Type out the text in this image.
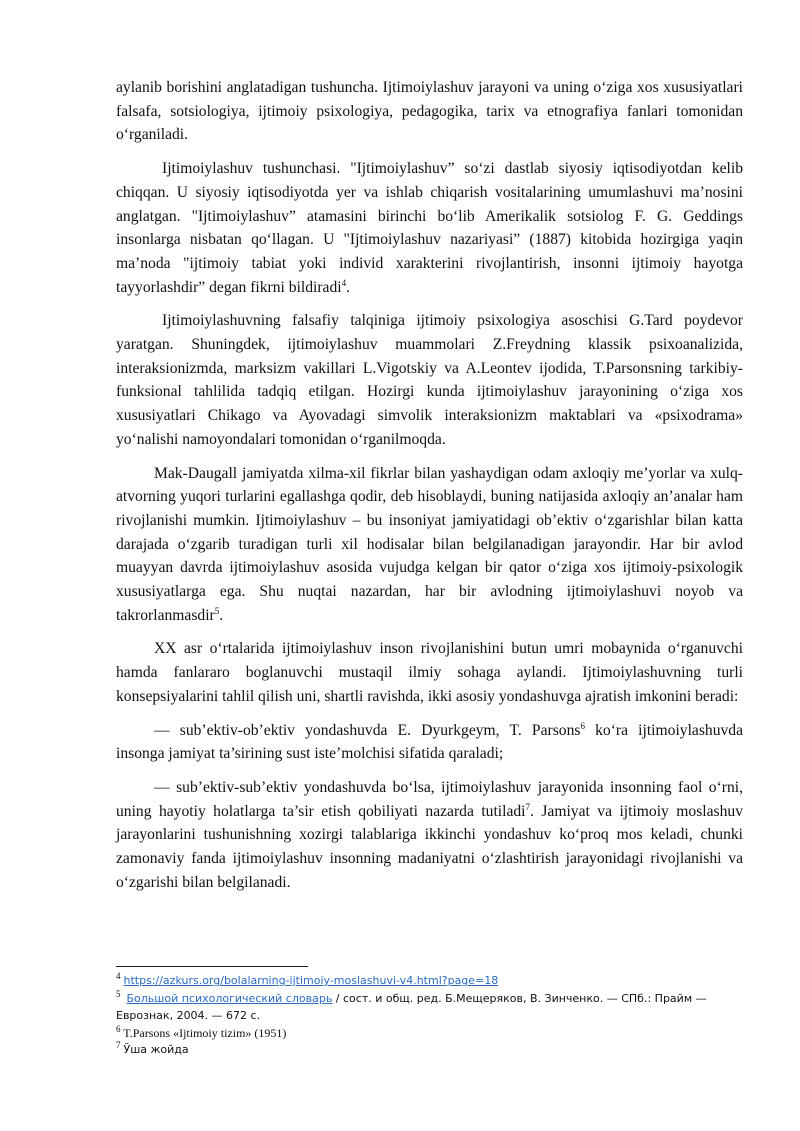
aylanib borishini anglatadigan tushuncha. Ijtimoiylashuv jarayoni va uning o‘ziga xos xususiyatlari falsafa, sotsiologiya, ijtimoiy psixologiya, pedagogika, tarix va etnografiya fanlari tomonidan o‘rganiladi.

Ijtimoiylashuv tushunchasi. "Ijtimoiylashuv” so‘zi dastlab siyosiy iqtisodiyotdan kelib chiqqan. U siyosiy iqtisodiyotda yer va ishlab chiqarish vositalarining umumlashuvi ma’nosini anglatgan. "Ijtimoiylashuv” atamasini birinchi bo‘lib Amerikalik sotsiolog F. G. Geddings insonlarga nisbatan qo‘llagan. U "Ijtimoiylashuv nazariyasi” (1887) kitobida hozirgiga yaqin ma’noda "ijtimoiy tabiat yoki individ xarakterini rivojlantirish, insonni ijtimoiy hayotga tayyorlashdir” degan fikrni bildiradi$^4$.

Ijtimoiylashuvning falsafiy talqiniga ijtimoiy psixologiya asoschisi G.Tard poydevor yaratgan. Shuningdek, ijtimoiylashuv muammolari Z.Freydning klassik psixoanalizida, interaksionizmda, marksizm vakillari L.Vigotskiy va A.Leontev ijodida, T.Parsonsning tarkibiy-funksional tahlilida tadqiq etilgan. Hozirgi kunda ijtimoiylashuv jarayonining o‘ziga xos xususiyatlari Chikago va Ayovadagi simvolik interaksionizm maktablari va «psixodrama» yo‘nalishi namoyondalari tomonidan o‘rganilmoqda.

Mak-Daugall jamiyatda xilma-xil fikrlar bilan yashaydigan odam axloqiy me’yorlar va xulq-atvorning yuqori turlarini egallashga qodir, deb hisoblaydi, buning natijasida axloqiy an’analar ham rivojlanishi mumkin. Ijtimoiylashuv – bu insoniyat jamiyatidagi ob’ektiv o‘zgarishlar bilan katta darajada o‘zgarib turadigan turli xil hodisalar bilan belgilanadigan jarayondir. Har bir avlod muayyan davrda ijtimoiylashuv asosida vujudga kelgan bir qator o‘ziga xos ijtimoiy-psixologik xususiyatlarga ega. Shu nuqtai nazardan, har bir avlodning ijtimoiylashuvi noyob va takrorlanmasdir$^5$.

XX asr o‘rtalarida ijtimoiylashuv inson rivojlanishini butun umri mobaynida o‘rganuvchi hamda fanlararo boglanuvchi mustaqil ilmiy sohaga aylandi. Ijtimoiylashuvning turli konsepsiyalarini tahlil qilish uni, shartli ravishda, ikki asosiy yondashuvga ajratish imkonini beradi:

— sub’ektiv-ob’ektiv yondashuvda E. Dyurkgeym, T. Parsons$^6$ ko‘ra ijtimoiylashuvda insonga jamiyat ta’sirining sust iste’molchisi sifatida qaraladi;

— sub’ektiv-sub’ektiv yondashuvda bo‘lsa, ijtimoiylashuv jarayonida insonning faol o‘rni, uning hayotiy holatlarga ta’sir etish qobiliyati nazarda tutiladi$^7$. Jamiyat va ijtimoiy moslashuv jarayonlarini tushunishning xozirgi talablariga ikkinchi yondashuv ko‘proq mos keladi, chunki zamonaviy fanda ijtimoiylashuv insonning madaniyatni o‘zlashtirish jarayonidagi rivojlanishi va o‘zgarishi bilan belgilanadi.

$^4$ https://azkurs.org/bolalarning-ijtimoiy-moslashuvi-v4.html?page=18

$^5$ Большой психологический словарь / сост. и общ. ред. Б.Мещеряков, В. Зинченко. — СПб.: Прайм — Еврознак, 2004. — 672 с.

$^6$ T.Parsons «Ijtimoiy tizim» (1951)

$^7$ Ўша жойда
